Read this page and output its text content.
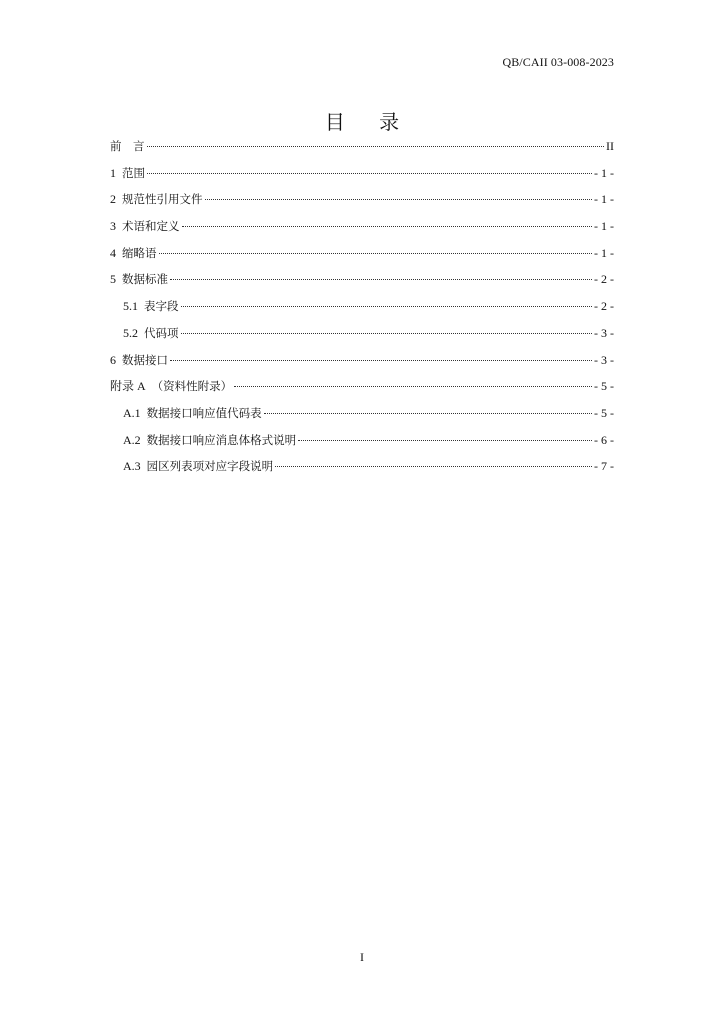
QB/CAII 03-008-2023
目 录
前　言	II
1 范围	- 1 -
2 规范性引用文件	- 1 -
3 术语和定义	- 1 -
4 缩略语	- 1 -
5 数据标准	- 2 -
5.1 表字段	- 2 -
5.2 代码项	- 3 -
6 数据接口	- 3 -
附录 A （资料性附录）	- 5 -
A.1 数据接口响应值代码表	- 5 -
A.2 数据接口响应消息体格式说明	- 6 -
A.3 园区列表项对应字段说明	- 7 -
I
